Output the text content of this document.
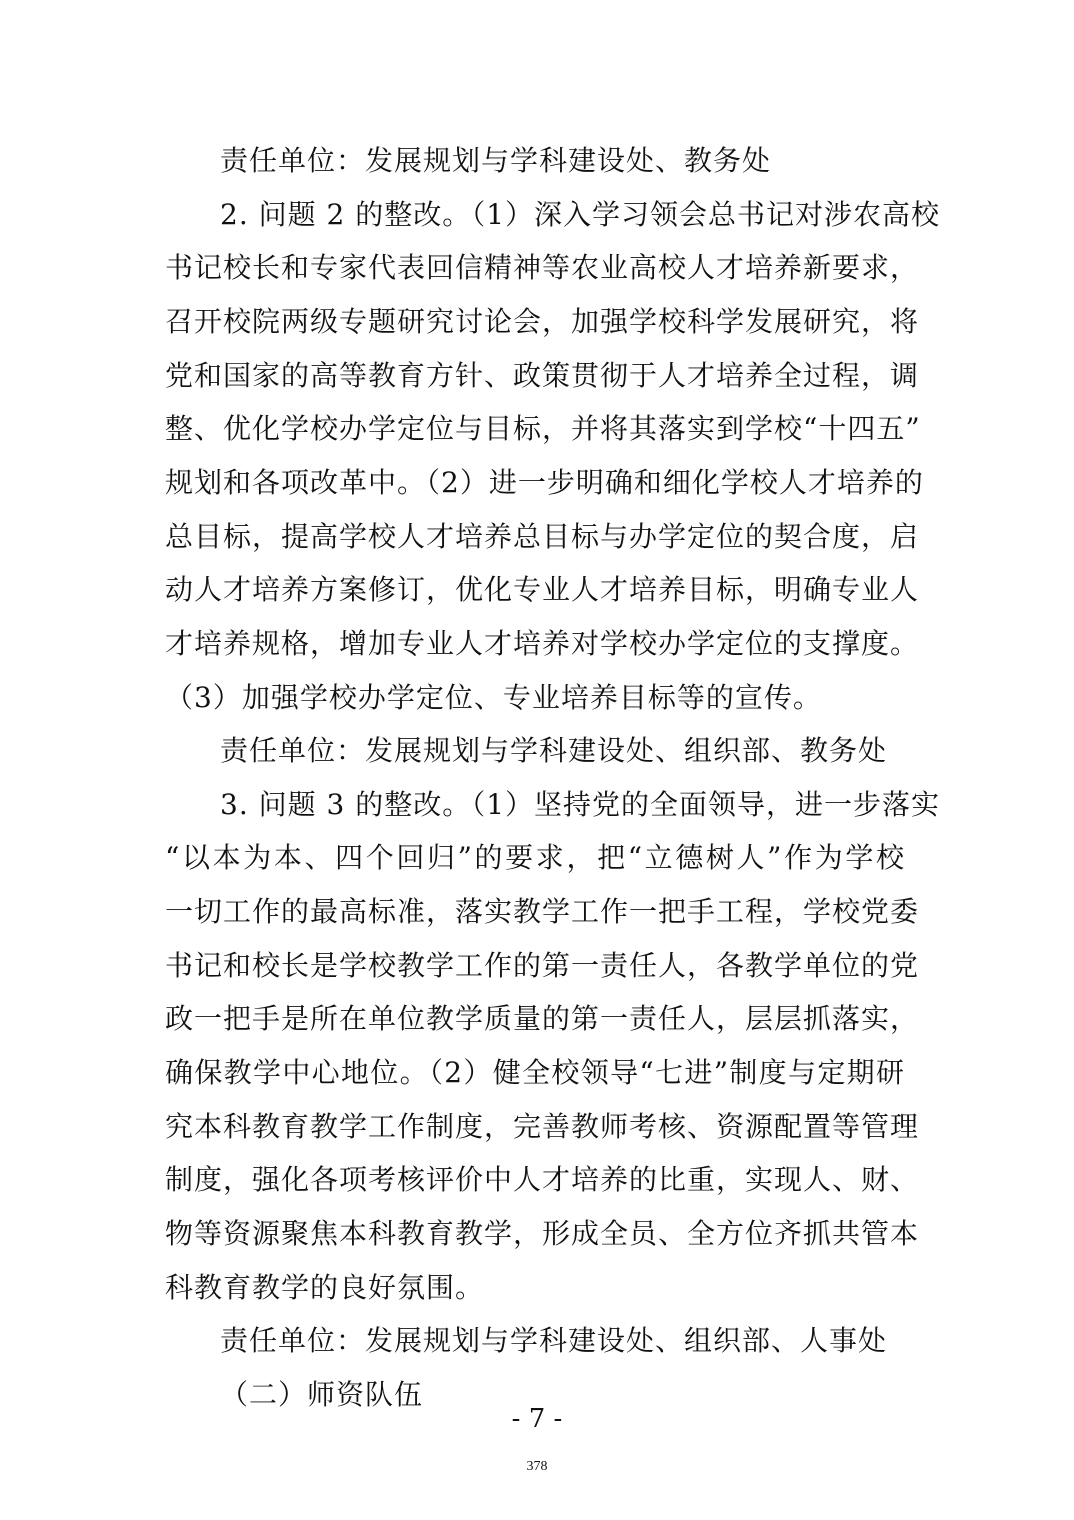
责任单位：发展规划与学科建设处、教务处
2. 问题 2 的整改。（1）深入学习领会总书记对涉农高校
书记校长和专家代表回信精神等农业高校人才培养新要求，
召开校院两级专题研究讨论会，加强学校科学发展研究，将
党和国家的高等教育方针、政策贯彻于人才培养全过程，调
整、优化学校办学定位与目标，并将其落实到学校“十四五”
规划和各项改革中。（2）进一步明确和细化学校人才培养的
总目标，提高学校人才培养总目标与办学定位的契合度，启
动人才培养方案修订，优化专业人才培养目标，明确专业人
才培养规格，增加专业人才培养对学校办学定位的支撑度。
（3）加强学校办学定位、专业培养目标等的宣传。
责任单位：发展规划与学科建设处、组织部、教务处
3. 问题 3 的整改。（1）坚持党的全面领导，进一步落实
“以本为本、四个回归”的要求，把“立德树人”作为学校
一切工作的最高标准，落实教学工作一把手工程，学校党委
书记和校长是学校教学工作的第一责任人，各教学单位的党
政一把手是所在单位教学质量的第一责任人，层层抓落实，
确保教学中心地位。（2）健全校领导“七进”制度与定期研
究本科教育教学工作制度，完善教师考核、资源配置等管理
制度，强化各项考核评价中人才培养的比重，实现人、财、
物等资源聚焦本科教育教学，形成全员、全方位齐抓共管本
科教育教学的良好氛围。
责任单位：发展规划与学科建设处、组织部、人事处
（二）师资队伍
- 7 -
378
